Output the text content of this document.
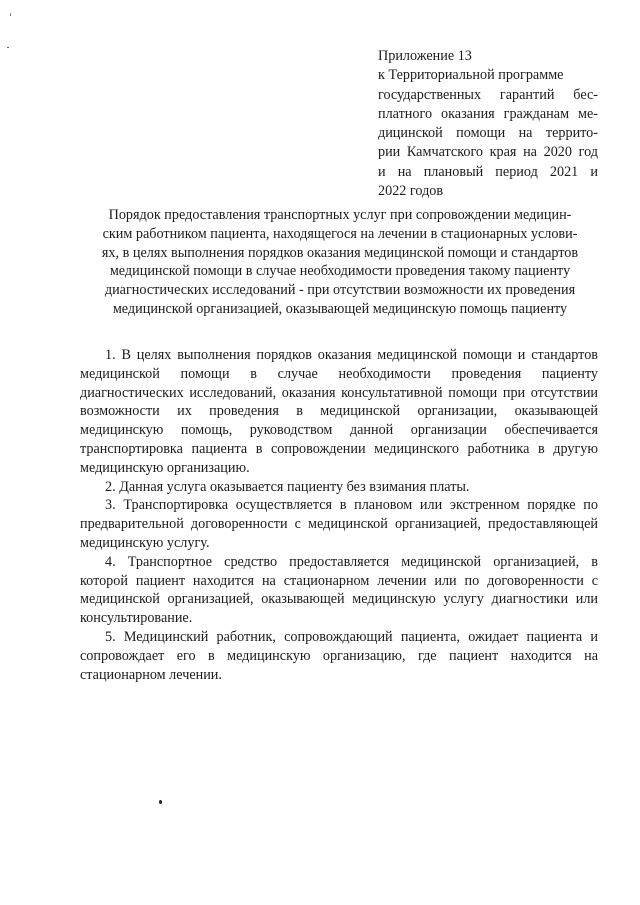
Приложение 13
к Территориальной программе
государственных гарантий бес-
платного оказания гражданам ме-
дицинской помощи на террито-
рии Камчатского края на 2020 год
и на плановый период 2021 и
2022 годов
Порядок предоставления транспортных услуг при сопровождении медицин-
ским работником пациента, находящегося на лечении в стационарных услови-
ях, в целях выполнения порядков оказания медицинской помощи и стандартов
медицинской помощи в случае необходимости проведения такому пациенту
диагностических исследований - при отсутствии возможности их проведения
медицинской организацией, оказывающей медицинскую помощь пациенту

1. В целях выполнения порядков оказания медицинской помощи и стандартов медицинской помощи в случае необходимости проведения пациенту диагностических исследований, оказания консультативной помощи при отсутствии возможности их проведения в медицинской организации, оказывающей медицинскую помощь, руководством данной организации обеспечивается транспортировка пациента в сопровождении медицинского работника в другую медицинскую организацию.

2. Данная услуга оказывается пациенту без взимания платы.

3. Транспортировка осуществляется в плановом или экстренном порядке по предварительной договоренности с медицинской организацией, предоставляющей медицинскую услугу.

4. Транспортное средство предоставляется медицинской организацией, в которой пациент находится на стационарном лечении или по договоренности с медицинской организацией, оказывающей медицинскую услугу диагностики или консультирование.

5. Медицинский работник, сопровождающий пациента, ожидает пациента и сопровождает его в медицинскую организацию, где пациент находится на стационарном лечении.
